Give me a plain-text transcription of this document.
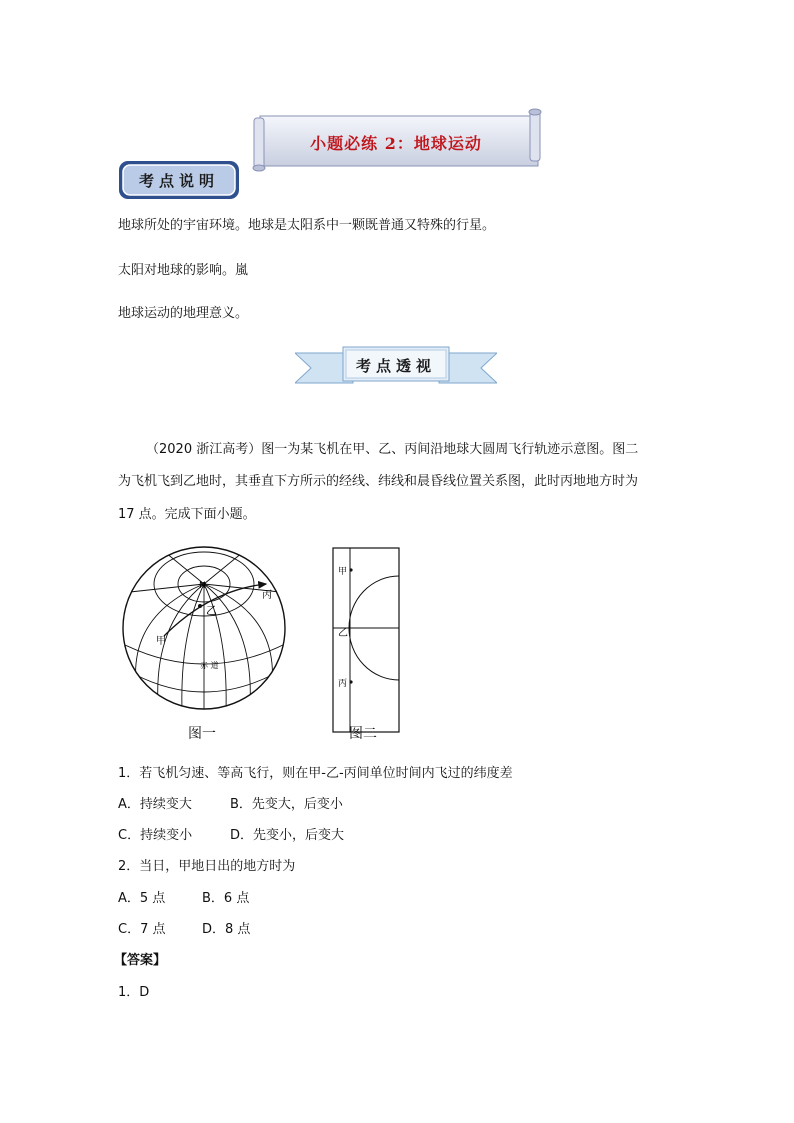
小题必练 2：地球运动
考点说明
地球所处的宇宙环境。地球是太阳系中一颗既普通又特殊的行星。
太阳对地球的影响。嵐
地球运动的地理意义。
考点透视
（2020 浙江高考）图一为某飞机在甲、乙、丙间沿地球大圆周飞行轨迹示意图。图二
为飞机飞到乙地时，其垂直下方所示的经线、纬线和晨昏线位置关系图，此时丙地地方时为
17 点。完成下面小题。
N
乙
甲
丙
赤 道
甲
乙
丙
图一	图二
1．若飞机匀速、等高飞行，则在甲-乙-丙间单位时间内飞过的纬度差
A．持续变大	B．先变大，后变小
C．持续变小	D．先变小，后变大
2．当日，甲地日出的地方时为
A．5 点	B．6 点
C．7 点	D．8 点
【答案】
1．D
